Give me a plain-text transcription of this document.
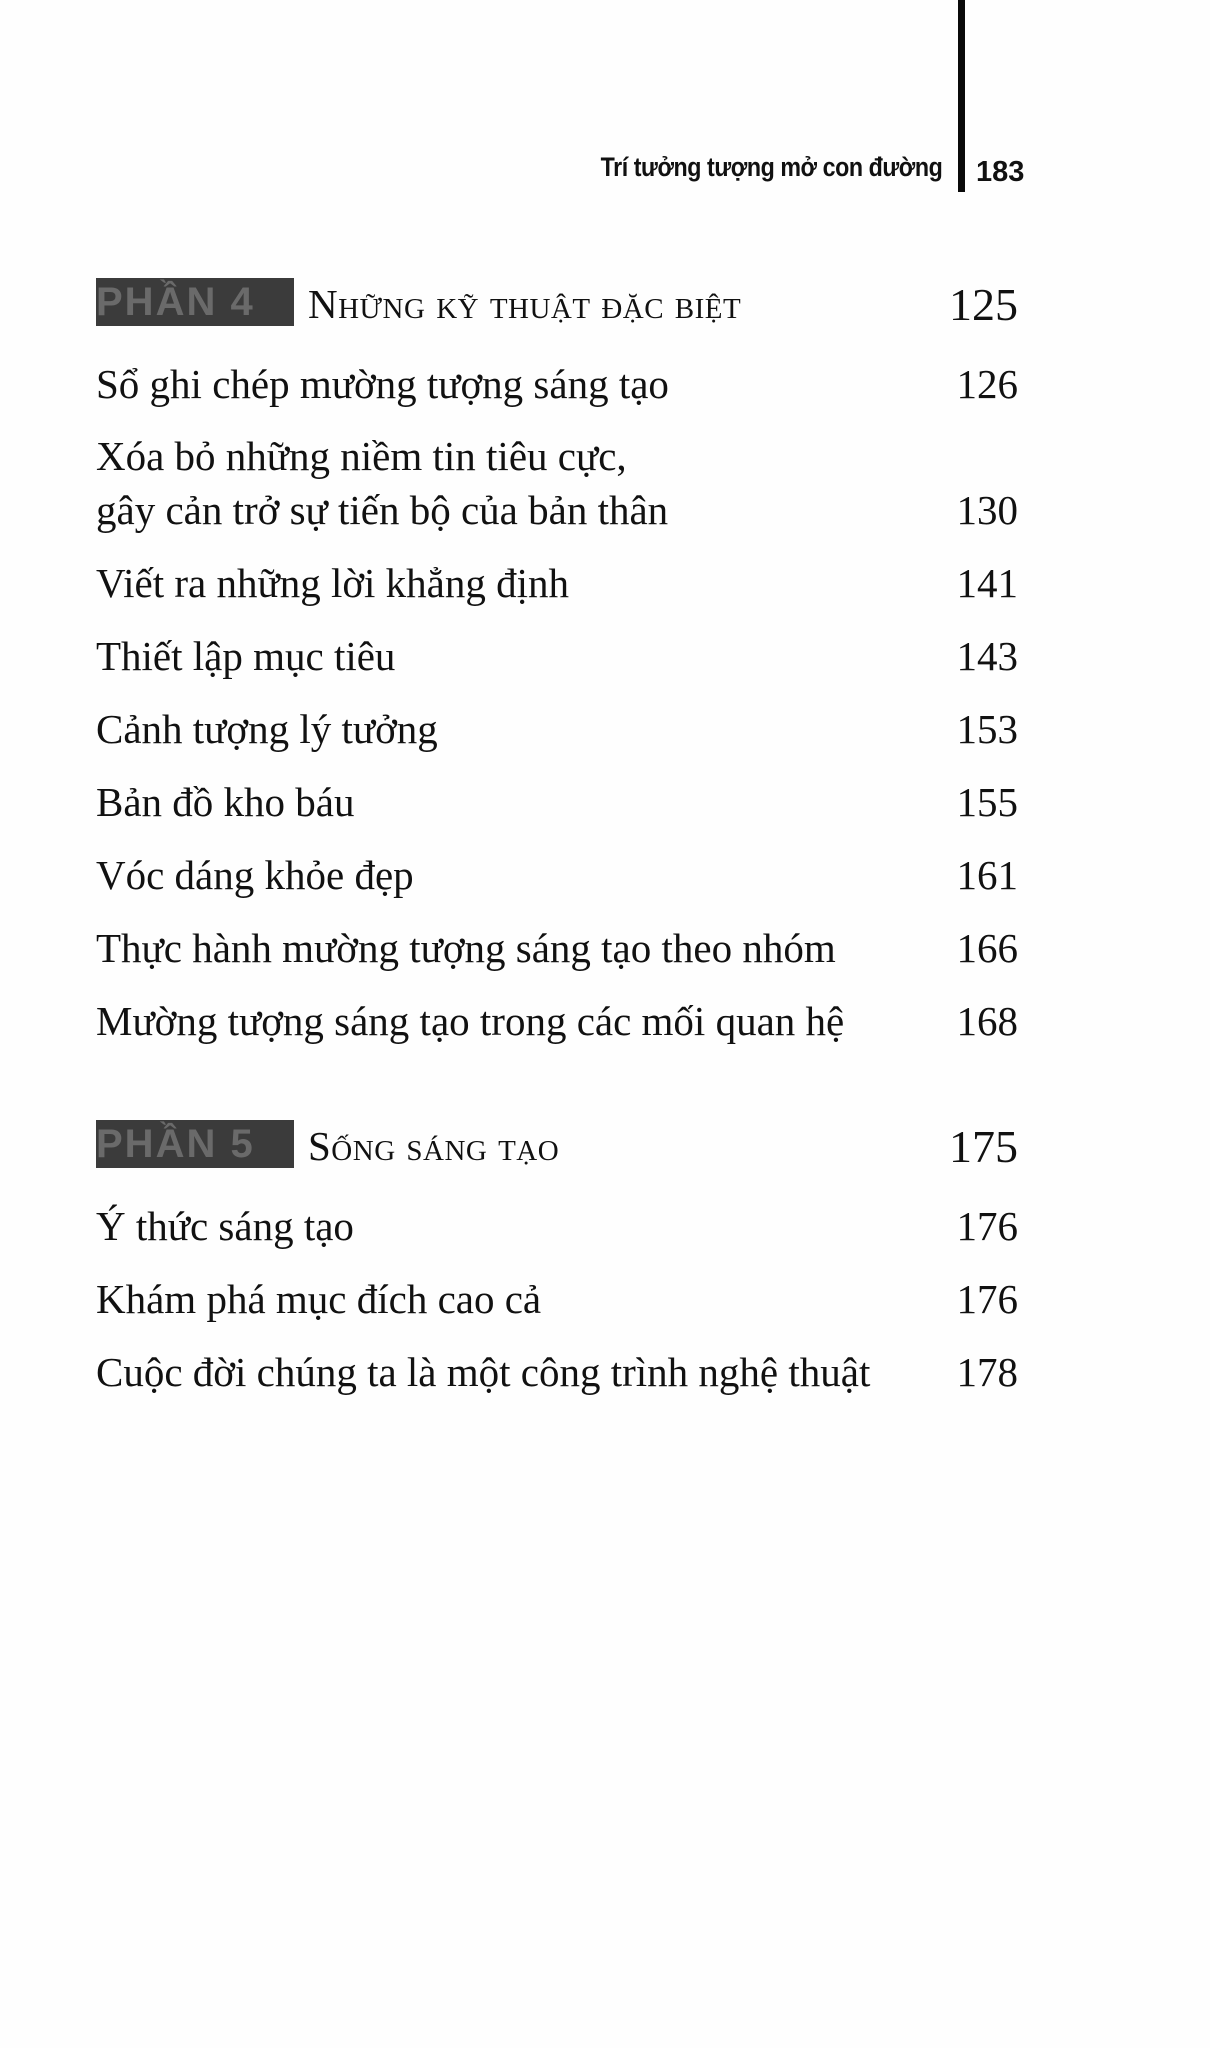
Trí tưởng tượng mở con đường 183
PHẦN 4	Những kỹ thuật đặc biệt	125
Sổ ghi chép mường tượng sáng tạo	126
Xóa bỏ những niềm tin tiêu cực,
gây cản trở sự tiến bộ của bản thân	130
Viết ra những lời khẳng định	141
Thiết lập mục tiêu	143
Cảnh tượng lý tưởng	153
Bản đồ kho báu	155
Vóc dáng khỏe đẹp	161
Thực hành mường tượng sáng tạo theo nhóm	166
Mường tượng sáng tạo trong các mối quan hệ	168
PHẦN 5	Sống sáng tạo	175
Ý thức sáng tạo	176
Khám phá mục đích cao cả	176
Cuộc đời chúng ta là một công trình nghệ thuật 178
